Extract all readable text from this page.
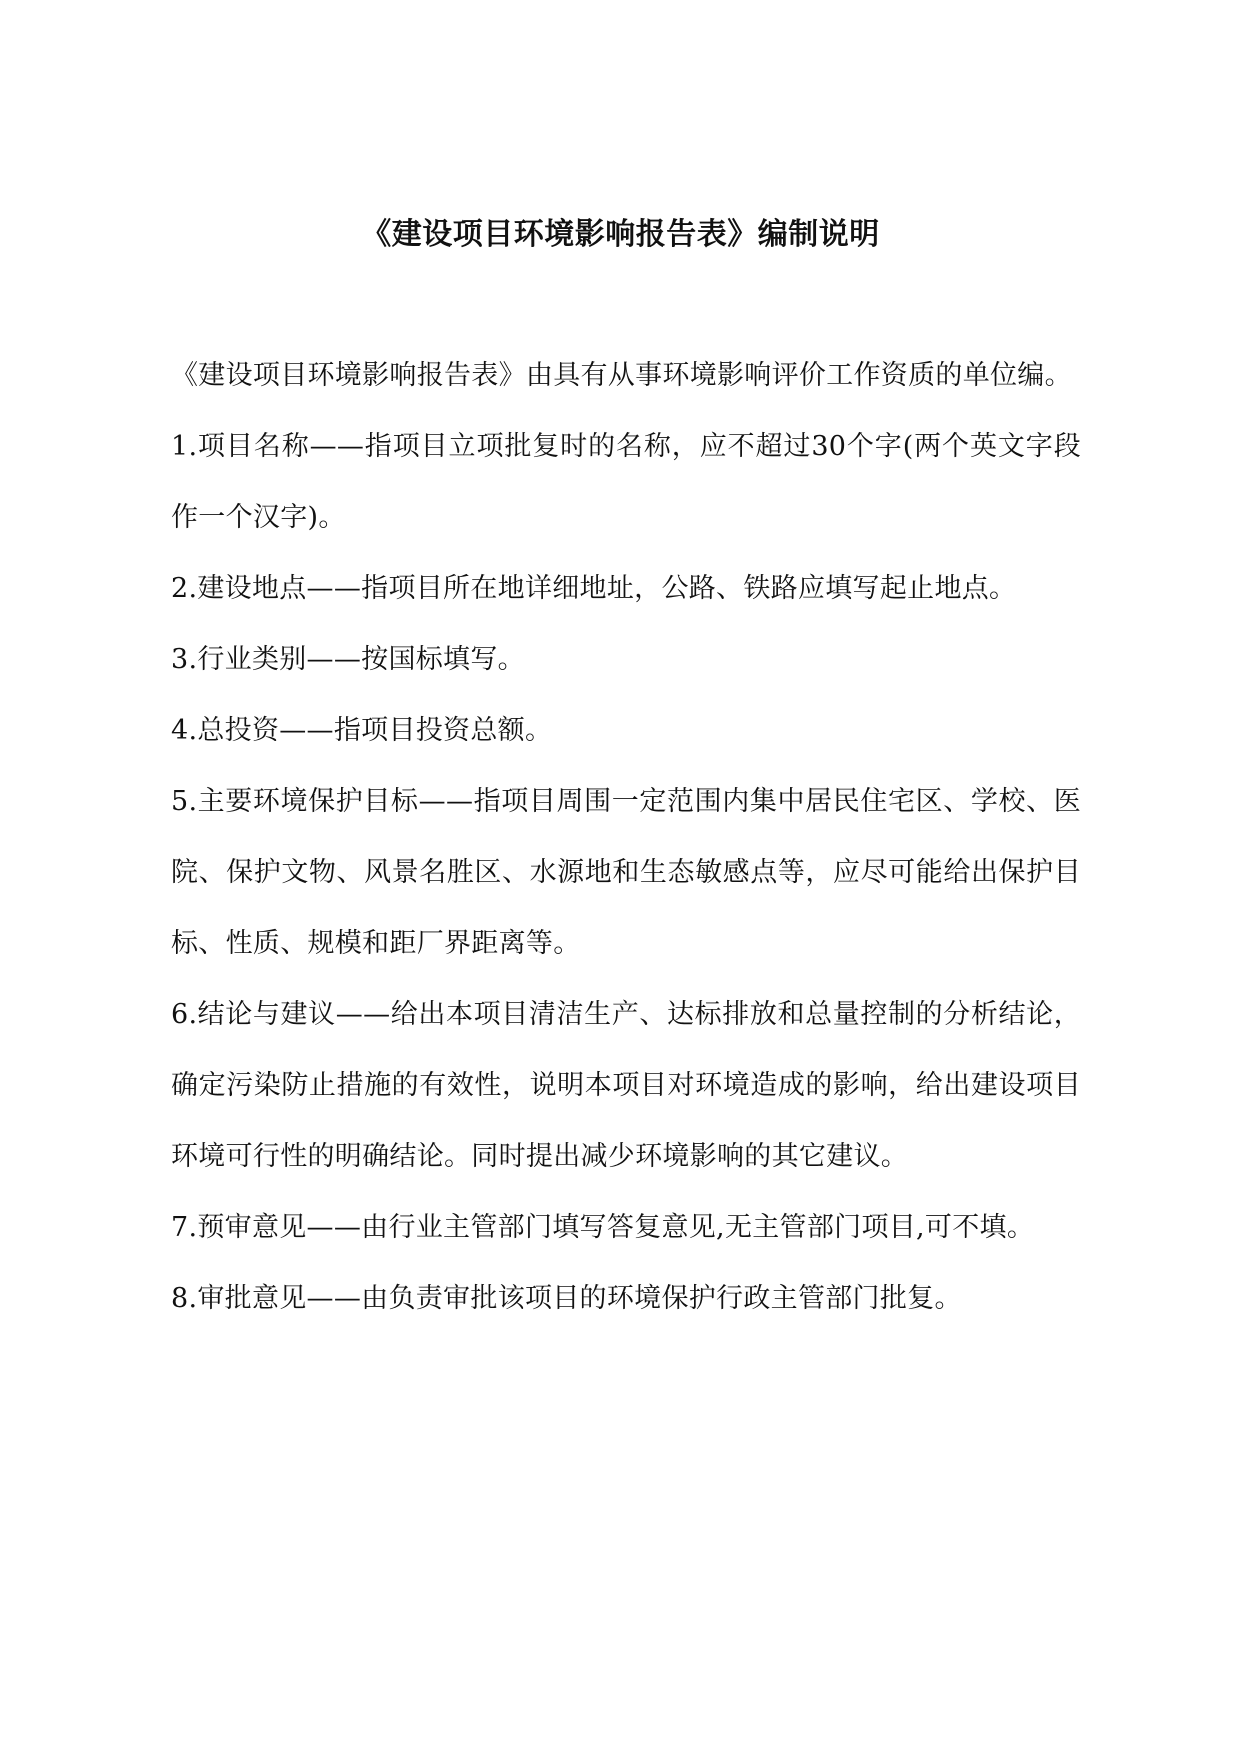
《建设项目环境影响报告表》编制说明

《建设项目环境影响报告表》由具有从事环境影响评价工作资质的单位编。

1.项目名称——指项目立项批复时的名称，应不超过30个字(两个英文字段作一个汉字)。

2.建设地点——指项目所在地详细地址，公路、铁路应填写起止地点。

3.行业类别——按国标填写。

4.总投资——指项目投资总额。

5.主要环境保护目标——指项目周围一定范围内集中居民住宅区、学校、医院、保护文物、风景名胜区、水源地和生态敏感点等，应尽可能给出保护目标、性质、规模和距厂界距离等。

6.结论与建议——给出本项目清洁生产、达标排放和总量控制的分析结论，确定污染防止措施的有效性，说明本项目对环境造成的影响，给出建设项目环境可行性的明确结论。同时提出减少环境影响的其它建议。

7.预审意见——由行业主管部门填写答复意见,无主管部门项目,可不填。

8.审批意见——由负责审批该项目的环境保护行政主管部门批复。
